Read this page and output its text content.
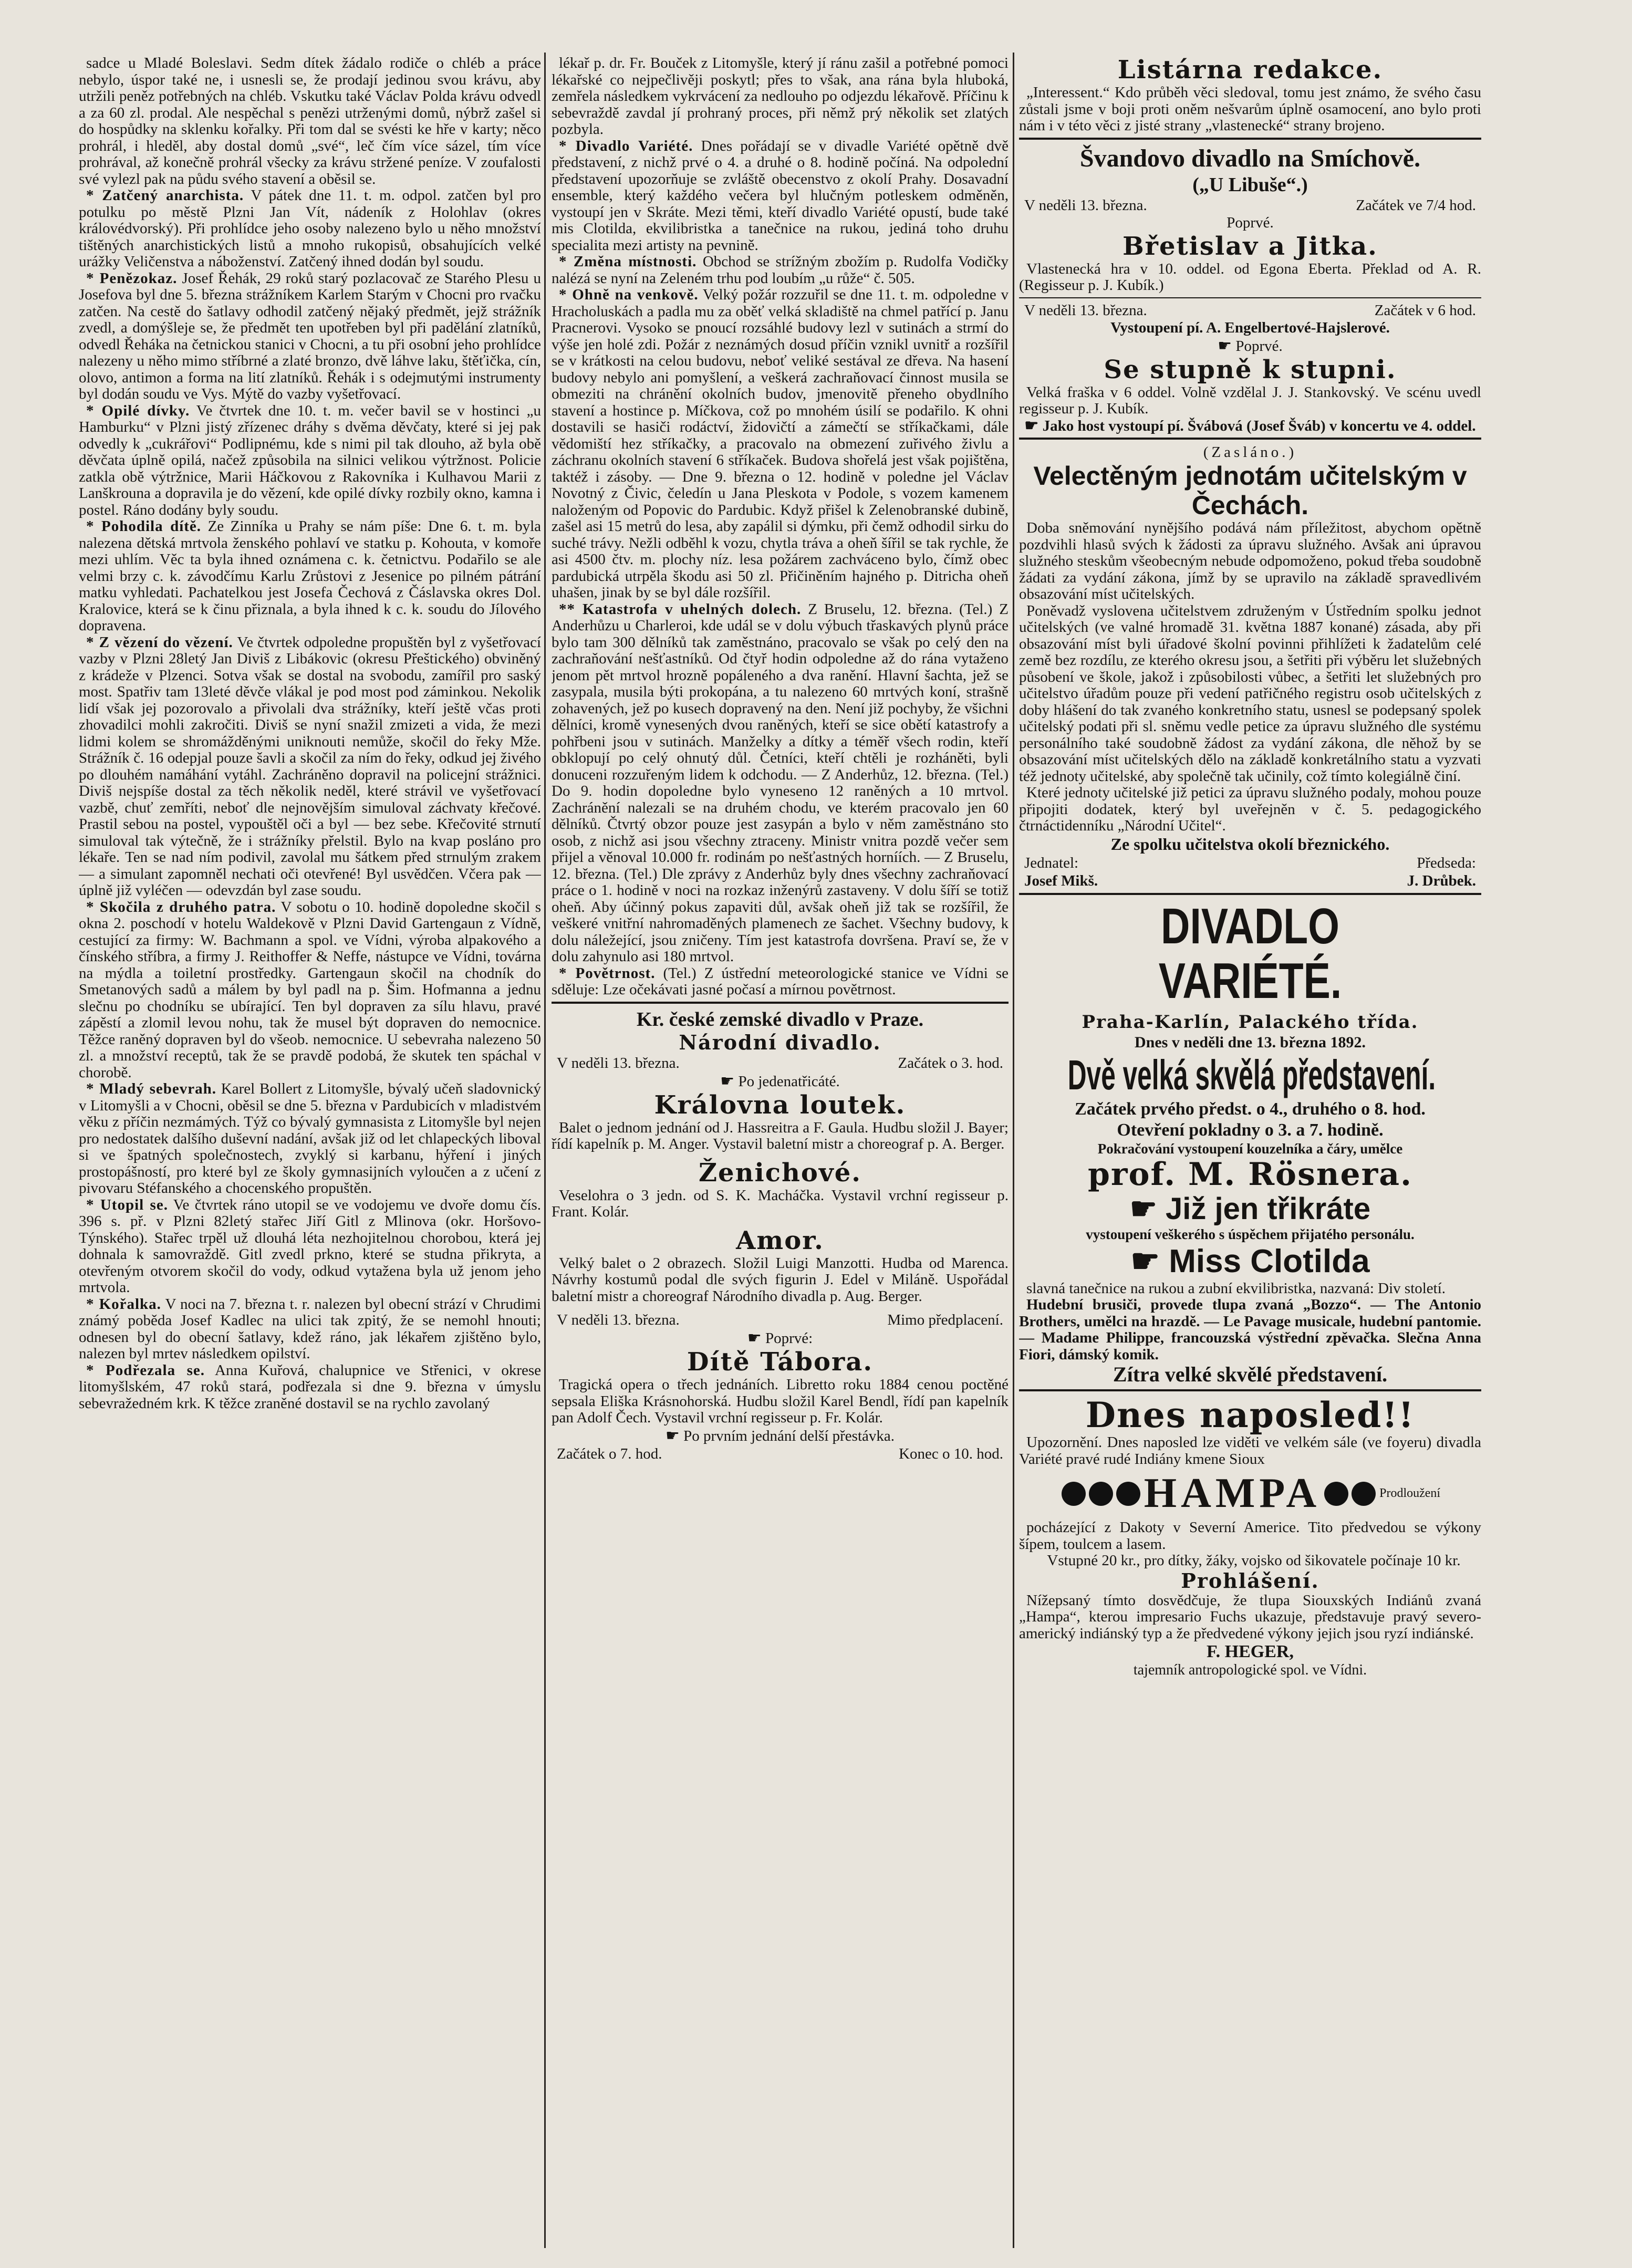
sadce u Mladé Boleslavi. Sedm dítek žádalo rodiče o chléb a práce nebylo, úspor také ne, i usnesli se, že prodají jedinou svou krávu, aby utržili peněz potřebných na chléb. Vskutku také Václav Polda krávu odvedl a za 60 zl. prodal. Ale nespěchal s penězi utrženými domů, nýbrž zašel si do hospůdky na sklenku kořalky. Při tom dal se svésti ke hře v karty; něco prohrál, i hleděl, aby dostal domů „své“, leč čím více sázel, tím více prohrával, až konečně prohrál všecky za krávu stržené peníze. V zoufalosti své vylezl pak na půdu svého stavení a oběsil se.

* Zatčený anarchista. V pátek dne 11. t. m. odpol. zatčen byl pro potulku po městě Plzni Jan Vít, nádeník z Holohlav (okres královédvorský). Při prohlídce jeho osoby nalezeno bylo u něho množství tištěných anarchistických listů a mnoho rukopisů, obsahujících velké urážky Veličenstva a náboženství. Zatčený ihned dodán byl soudu.

* Penězokaz. Josef Řehák, 29 roků starý pozlacovač ze Starého Plesu u Josefova byl dne 5. března strážníkem Karlem Starým v Chocni pro rvačku zatčen. Na cestě do šatlavy odhodil zatčený nějaký předmět, jejž strážník zvedl, a domýšleje se, že předmět ten upotřeben byl při padělání zlatníků, odvedl Řeháka na četnickou stanici v Chocni, a tu při osobní jeho prohlídce nalezeny u něho mimo stříbrné a zlaté bronzo, dvě láhve laku, štěťička, cín, olovo, antimon a forma na lití zlatníků. Řehák i s odejmutými instrumenty byl dodán soudu ve Vys. Mýtě do vazby vyšetřovací.

* Opilé dívky. Ve čtvrtek dne 10. t. m. večer bavil se v hostinci „u Hamburku“ v Plzni jistý zřízenec dráhy s dvěma děvčaty, které si jej pak odvedly k „cukrářovi“ Podlipnému, kde s nimi pil tak dlouho, až byla obě děvčata úplně opilá, načež způsobila na silnici velikou výtržnost. Policie zatkla obě výtržnice, Marii Háčkovou z Rakovníka i Kulhavou Marii z Lanškrouna a dopravila je do vězení, kde opilé dívky rozbily okno, kamna i postel. Ráno dodány byly soudu.

* Pohodila dítě. Ze Zinníka u Prahy se nám píše: Dne 6. t. m. byla nalezena dětská mrtvola ženského pohlaví ve statku p. Kohouta, v komoře mezi uhlím. Věc ta byla ihned oznámena c. k. četnictvu. Podařilo se ale velmi brzy c. k. závodčímu Karlu Zrůstovi z Jesenice po pilném pátrání matku vyhledati. Pachatelkou jest Josefa Čechová z Čáslavska okres Dol. Kralovice, která se k činu přiznala, a byla ihned k c. k. soudu do Jílového dopravena.

* Z vězení do vězení. Ve čtvrtek odpoledne propuštěn byl z vyšetřovací vazby v Plzni 28letý Jan Diviš z Libákovic (okresu Přeštického) obviněný z krádeže v Plzenci. Sotva však se dostal na svobodu, zamířil pro saský most. Spatřiv tam 13leté děvče vlákal je pod most pod záminkou. Nekolik lidí však jej pozorovalo a přivolali dva strážníky, kteří ještě včas proti zhovadilci mohli zakročiti. Diviš se nyní snažil zmizeti a vida, že mezi lidmi kolem se shromážděnými uniknouti nemůže, skočil do řeky Mže. Strážník č. 16 odepjal pouze šavli a skočil za ním do řeky, odkud jej živého po dlouhém namáhání vytáhl. Zachráněno dopravil na policejní strážnici. Diviš nejspíše dostal za těch několik neděl, které strávil ve vyšetřovací vazbě, chuť zemříti, neboť dle nejnovějším simuloval záchvaty křečové. Prastil sebou na postel, vypouštěl oči a byl — bez sebe. Křečovité strnutí simuloval tak výtečně, že i strážníky přelstil. Bylo na kvap posláno pro lékaře. Ten se nad ním podivil, zavolal mu šátkem před strnulým zrakem — a simulant zapomněl nechati oči otevřené! Byl usvědčen. Včera pak — úplně již vyléčen — odevzdán byl zase soudu.

* Skočila z druhého patra. V sobotu o 10. hodině dopoledne skočil s okna 2. poschodí v hotelu Waldekově v Plzni David Gartengaun z Vídně, cestující za firmy: W. Bachmann a spol. ve Vídni, výroba alpakového a čínského stříbra, a firmy J. Reithoffer & Neffe, nástupce ve Vídni, továrna na mýdla a toiletní prostředky. Gartengaun skočil na chodník do Smetanových sadů a málem by byl padl na p. Šim. Hofmanna a jednu slečnu po chodníku se ubírající. Ten byl dopraven za sílu hlavu, pravé zápěstí a zlomil levou nohu, tak že musel být dopraven do nemocnice. Těžce raněný dopraven byl do všeob. nemocnice. U sebevraha nalezeno 50 zl. a množství receptů, tak že se pravdě podobá, že skutek ten spáchal v chorobě.

* Mladý sebevrah. Karel Bollert z Litomyšle, bývalý učeň sladovnický v Litomyšli a v Chocni, oběsil se dne 5. března v Pardubicích v mladistvém věku z příčin nezmámých. Týž co bývalý gymnasista z Litomyšle byl nejen pro nedostatek dalšího duševní nadání, avšak již od let chlapeckých liboval si ve špatných společnostech, zvyklý si karbanu, hýření i jiných prostopášností, pro které byl ze školy gymnasijních vyloučen a z učení z pivovaru Stéfanského a chocenského propuštěn.

* Utopil se. Ve čtvrtek ráno utopil se ve vodojemu ve dvoře domu čís. 396 s. př. v Plzni 82letý stařec Jiří Gitl z Mlinova (okr. Horšovo-Týnského). Stařec trpěl už dlouhá léta nezhojitelnou chorobou, která jej dohnala k samovraždě. Gitl zvedl prkno, které se studna přikryta, a otevřeným otvorem skočil do vody, odkud vytažena byla už jenom jeho mrtvola.

* Kořalka. V noci na 7. března t. r. nalezen byl obecní strází v Chrudimi známý poběda Josef Kadlec na ulici tak zpitý, že se nemohl hnouti; odnesen byl do obecní šatlavy, kdež ráno, jak lékařem zjištěno bylo, nalezen byl mrtev následkem opilství.

* Podřezala se. Anna Kuřová, chalupnice ve Střenici, v okrese litomyšlském, 47 roků stará, podřezala si dne 9. března v úmyslu sebevražedném krk. K těžce zraněné dostavil se na rychlo zavolaný

lékař p. dr. Fr. Bouček z Litomyšle, který jí ránu zašil a potřebné pomoci lékařské co nejpečlivěji poskytl; přes to však, ana rána byla hluboká, zemřela následkem vykrvácení za nedlouho po odjezdu lékařově. Příčinu k sebevraždě zavdal jí prohraný proces, při němž prý několik set zlatých pozbyla.

* Divadlo Variété. Dnes pořádají se v divadle Variété opětně dvě představení, z nichž prvé o 4. a druhé o 8. hodině počíná. Na odpolední představení upozorňuje se zvláště obecenstvo z okolí Prahy. Dosavadní ensemble, který každého večera byl hlučným potleskem odměněn, vystoupí jen v Skráte. Mezi těmi, kteří divadlo Variété opustí, bude také mis Clotilda, ekvilibristka a tanečnice na rukou, jediná toho druhu specialita mezi artisty na pevnině.

* Změna místnosti. Obchod se strížným zbožím p. Rudolfa Vodičky nalézá se nyní na Zeleném trhu pod loubím „u růže“ č. 505.

* Ohně na venkově. Velký požár rozzuřil se dne 11. t. m. odpoledne v Hracholuskách a padla mu za oběť velká skladiště na chmel patřící p. Janu Pracnerovi. Vysoko se pnoucí rozsáhlé budovy lezl v sutinách a strmí do výše jen holé zdi. Požár z neznámých dosud příčin vznikl uvnitř a rozšířil se v krátkosti na celou budovu, neboť veliké sestával ze dřeva. Na hasení budovy nebylo ani pomyšlení, a veškerá zachraňovací činnost musila se obmeziti na chránění okolních budov, jmenovitě přeneho obydlního stavení a hostince p. Míčkova, což po mnohém úsilí se podařilo. K ohni dostavili se hasiči rodáctví, židovičtí a zámečtí se stříkačkami, dále vědomiští hez stříkačky, a pracovalo na obmezení zuřivého živlu a záchranu okolních stavení 6 stříkaček. Budova shořelá jest však pojištěna, taktéž i zásoby. — Dne 9. března o 12. hodině v poledne jel Václav Novotný z Čivic, čeledín u Jana Pleskota v Podole, s vozem kamenem naloženým od Popovic do Pardubic. Když přišel k Zelenobranské dubině, zašel asi 15 metrů do lesa, aby zapálil si dýmku, při čemž odhodil sirku do suché trávy. Nežli odběhl k vozu, chytla tráva a oheň šířil se tak rychle, že asi 4500 čtv. m. plochy níz. lesa požárem zachváceno bylo, čímž obec pardubická utrpěla škodu asi 50 zl. Přičiněním hajného p. Ditricha oheň uhašen, jinak by se byl dále rozšířil.

** Katastrofa v uhelných dolech. Z Bruselu, 12. března. (Tel.) Z Anderhůzu u Charleroi, kde udál se v dolu výbuch třaskavých plynů práce bylo tam 300 dělníků tak zaměstnáno, pracovalo se však po celý den na zachraňování nešťastníků. Od čtyř hodin odpoledne až do rána vytaženo jenom pět mrtvol hrozně popáleného a dva ranění. Hlavní šachta, jež se zasypala, musila býti prokopána, a tu nalezeno 60 mrtvých koní, strašně zohavených, jež po kusech dopravený na den. Není již pochyby, že všichni dělníci, kromě vynesených dvou raněných, kteří se sice obětí katastrofy a pohřbeni jsou v sutinách. Manželky a dítky a téměř všech rodin, kteří obklopují po celý ohnutý důl. Četníci, kteří chtěli je rozháněti, byli donuceni rozzuřeným lidem k odchodu. — Z Anderhůz, 12. března. (Tel.) Do 9. hodin dopoledne bylo vyneseno 12 raněných a 10 mrtvol. Zachránění nalezali se na druhém chodu, ve kterém pracovalo jen 60 dělníků. Čtvrtý obzor pouze jest zasypán a bylo v něm zaměstnáno sto osob, z nichž asi jsou všechny ztraceny. Ministr vnitra pozdě večer sem přijel a věnoval 10.000 fr. rodinám po nešťastných horníích. — Z Bruselu, 12. března. (Tel.) Dle zprávy z Anderhůz byly dnes všechny zachraňovací práce o 1. hodině v noci na rozkaz inženýrů zastaveny. V dolu šíří se totiž oheň. Aby účinný pokus zapaviti důl, avšak oheň již tak se rozšířil, že veškeré vnitřní nahromaděných plamenech ze šachet. Všechny budovy, k dolu náležející, jsou zničeny. Tím jest katastrofa dovršena. Praví se, že v dolu zahynulo asi 180 mrtvol.

* Povětrnost. (Tel.) Z ústřední meteorologické stanice ve Vídni se sděluje: Lze očekávati jasné počasí a mírnou povětrnost.

Kr. české zemské divadlo v Praze.

Národní divadlo.

V neděli 13. března.	Začátek o 3. hod.

☛ Po jedenatřicáté.

Královna loutek.

Balet o jednom jednání od J. Hassreitra a F. Gaula. Hudbu složil J. Bayer; řídí kapelník p. M. Anger. Vystavil baletní mistr a choreograf p. A. Berger.

Ženichové.

Veselohra o 3 jedn. od S. K. Macháčka. Vystavil vrchní regisseur p. Frant. Kolár.

Amor.

Velký balet o 2 obrazech. Složil Luigi Manzotti. Hudba od Marenca. Návrhy kostumů podal dle svých figurin J. Edel v Miláně. Uspořádal baletní mistr a choreograf Národního divadla p. Aug. Berger.

V neděli 13. března.	Mimo předplacení.

☛ Poprvé:

Dítě Tábora.

Tragická opera o třech jednáních. Libretto roku 1884 cenou poctěné sepsala Eliška Krásnohorská. Hudbu složil Karel Bendl, řídí pan kapelník pan Adolf Čech. Vystavil vrchní regisseur p. Fr. Kolár.

☛ Po prvním jednání delší přestávka.

Začátek o 7. hod.	Konec o 10. hod.

Listárna redakce.

„Interessent.“ Kdo průběh věci sledoval, tomu jest známo, že svého času zůstali jsme v boji proti oněm nešvarům úplně osamocení, ano bylo proti nám i v této věci z jisté strany „vlastenecké“ strany brojeno.

Švandovo divadlo na Smíchově.

(„U Libuše“.)

V neděli 13. března.	Začátek ve 7/4 hod.

Poprvé.

Břetislav a Jitka.

Vlastenecká hra v 10. oddel. od Egona Eberta. Překlad od A. R. (Regisseur p. J. Kubík.)

V neděli 13. března.	Začátek v 6 hod.

Vystoupení pí. A. Engelbertové-Hajslerové.

☛ Poprvé.

Se stupně k stupni.

Velká fraška v 6 oddel. Volně vzdělal J. J. Stankovský. Ve scénu uvedl regisseur p. J. Kubík.

☛ Jako host vystoupí pí. Švábová (Josef Šváb) v koncertu ve 4. oddel.

(Zasláno.)

Velectěným jednotám učitelským v Čechách.

Doba sněmování nynějšího podává nám příležitost, abychom opětně pozdvihli hlasů svých k žádosti za úpravu služného. Avšak ani úpravou služného steskům všeobecným nebude odpomoženo, pokud třeba soudobně žádati za vydání zákona, jímž by se upravilo na základě spravedlivém obsazování míst učitelských.

Poněvadž vyslovena učitelstvem združeným v Ústředním spolku jednot učitelských (ve valné hromadě 31. května 1887 konané) zásada, aby při obsazování míst byli úřadové školní povinni přihlížeti k žadatelům celé země bez rozdílu, ze kterého okresu jsou, a šetřiti při výběru let služebných působení ve škole, jakož i způsobilosti vůbec, a šetřiti let služebných pro učitelstvo úřadům pouze při vedení patřičného registru osob učitelských z doby hlášení do tak zvaného konkretního statu, usnesl se podepsaný spolek učitelský podati při sl. sněmu vedle petice za úpravu služného dle systému personálního také soudobně žádost za vydání zákona, dle něhož by se obsazování míst učitelských dělo na základě konkretálního statu a vyzvati též jednoty učitelské, aby společně tak učinily, což tímto kolegiálně činí.

Které jednoty učitelské již petici za úpravu služného podaly, mohou pouze připojiti dodatek, který byl uveřejněn v č. 5. pedagogického čtrnáctidenníku „Národní Učitel“.

Ze spolku učitelstva okolí březnického.

Jednatel:	Předseda:
Josef Mikš.	J. Drůbek.

DIVADLO VARIÉTÉ.

Praha-Karlín, Palackého třída.

Dnes v neděli dne 13. března 1892.

Dvě velká skvělá představení.

Začátek prvého předst. o 4., druhého o 8. hod.

Otevření pokladny o 3. a 7. hodině.

Pokračování vystoupení kouzelníka a čáry, umělce

prof. M. Rösnera.

☛ Již jen třikráte

vystoupení veškerého s úspěchem přijatého personálu.

☛ Miss Clotilda

slavná tanečnice na rukou a zubní ekvilibristka, nazvaná: Div století.

Hudební brusiči, provede tlupa zvaná „Bozzo“. — The Antonio Brothers, umělci na hrazdě. — Le Pavage musicale, hudební pantomie. — Madame Philippe, francouzská výstřední zpěvačka. Slečna Anna Fiori, dámský komik.

Zítra velké skvělé představení.

Dnes naposled!!

Upozornění. Dnes naposled lze viděti ve velkém sále (ve foyeru) divadla Variété pravé rudé Indiány kmene Sioux

HAMPA	Prodloužení

pocházející z Dakoty v Severní Americe. Tito předvedou se výkony šípem, toulcem a lasem.

Vstupné 20 kr., pro dítky, žáky, vojsko od šikovatele počínaje 10 kr.

Prohlášení.

Nížepsaný tímto dosvědčuje, že tlupa Siouxských Indiánů zvaná „Hampa“, kterou impresario Fuchs ukazuje, představuje pravý severo-americký indiánský typ a že předvedené výkony jejich jsou ryzí indiánské.

F. HEGER,

tajemník antropologické spol. ve Vídni.
